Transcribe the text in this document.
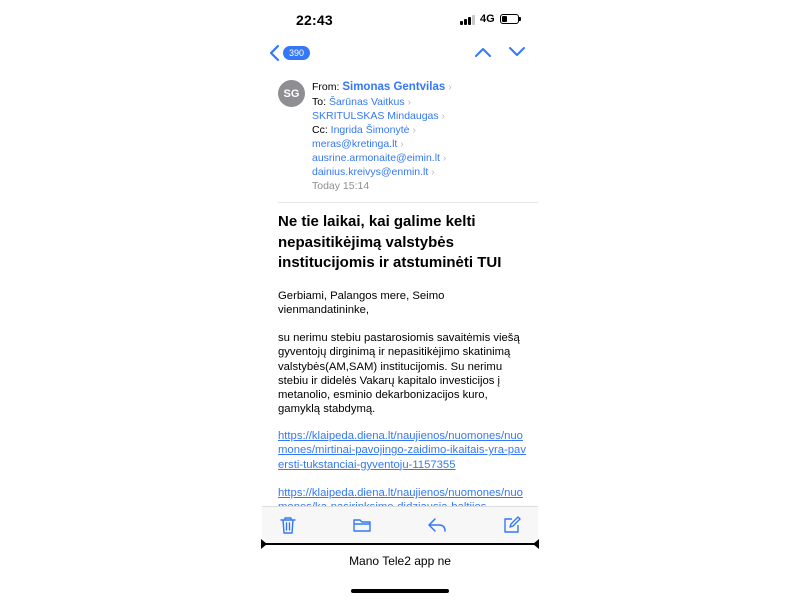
22:43	4G
390
SG
From: Simonas Gentvilas ›
To: Šarūnas Vaitkus ›
SKRITULSKAS Mindaugas ›
Cc: Ingrida Šimonytė ›
meras@kretinga.lt ›
ausrine.armonaite@eimin.lt ›
dainius.kreivys@enmin.lt ›
Today 15:14
Ne tie laikai, kai galime kelti nepasitikėjimą valstybės institucijomis ir atstuminėti TUI
Gerbiami, Palangos mere, Seimo vienmandatininke,
su nerimu stebiu pastarosiomis savaitėmis viešą gyventojų dirginimą ir nepasitikėjimo skatinimą valstybės(AM,SAM) institucijomis. Su nerimu stebiu ir didelės Vakarų kapitalo investicijos į metanolio, esminio dekarbonizacijos kuro, gamyklą stabdymą.
https://klaipeda.diena.lt/naujienos/nuomones/nuomones/mirtinai-pavojingo-zaidimo-ikaitais-yra-paversti-tukstanciai-gyventoju-1157355
https://klaipeda.diena.lt/naujienos/nuomones/nuo
Mano Tele2 app ne
